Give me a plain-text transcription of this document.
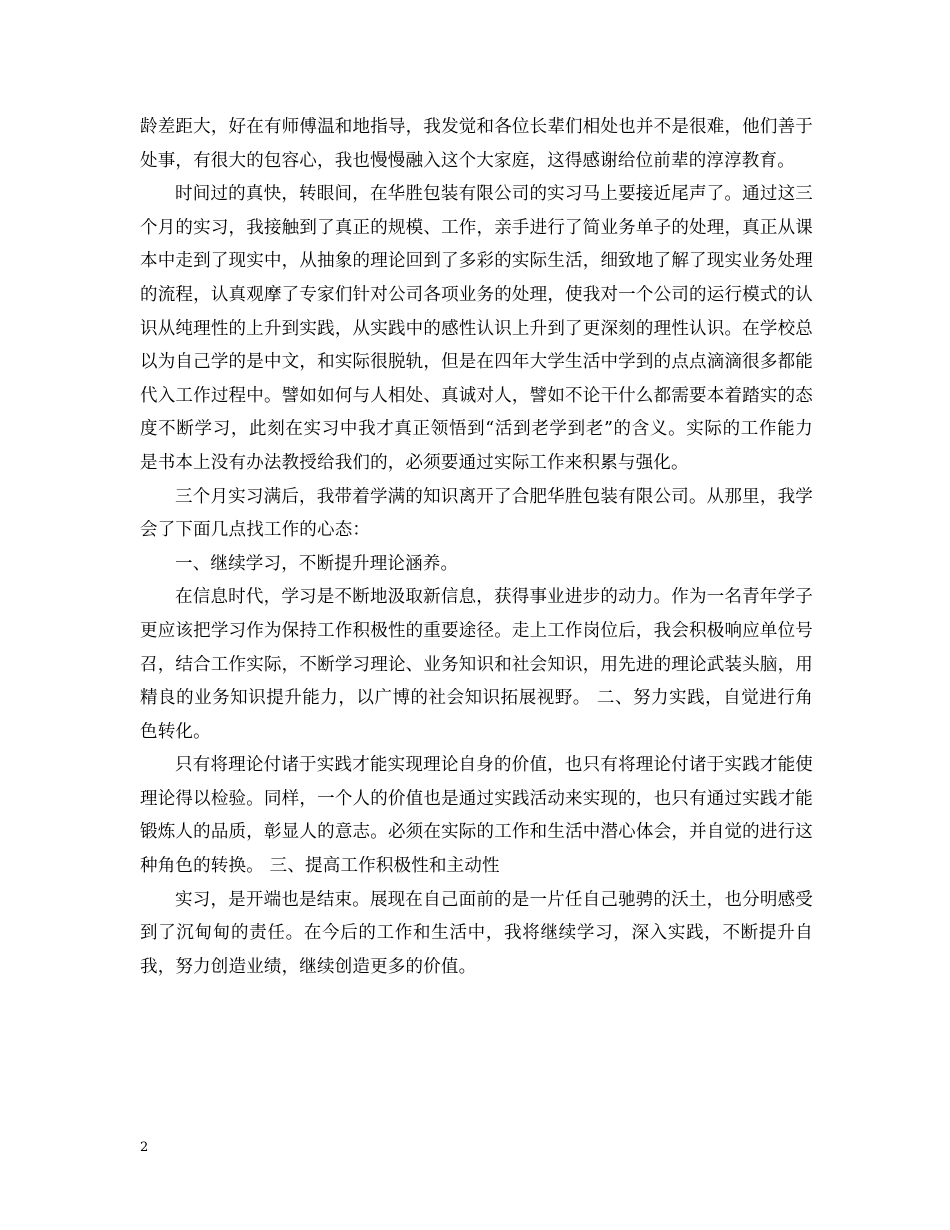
龄差距大，好在有师傅温和地指导，我发觉和各位长辈们相处也并不是很难，他们善于处事，有很大的包容心，我也慢慢融入这个大家庭，这得感谢给位前辈的淳淳教育。

时间过的真快，转眼间，在华胜包装有限公司的实习马上要接近尾声了。通过这三个月的实习，我接触到了真正的规模、工作，亲手进行了简业务单子的处理，真正从课本中走到了现实中，从抽象的理论回到了多彩的实际生活，细致地了解了现实业务处理的流程，认真观摩了专家们针对公司各项业务的处理，使我对一个公司的运行模式的认识从纯理性的上升到实践，从实践中的感性认识上升到了更深刻的理性认识。在学校总以为自己学的是中文，和实际很脱轨，但是在四年大学生活中学到的点点滴滴很多都能代入工作过程中。譬如如何与人相处、真诚对人，譬如不论干什么都需要本着踏实的态度不断学习，此刻在实习中我才真正领悟到“活到老学到老”的含义。实际的工作能力是书本上没有办法教授给我们的，必须要通过实际工作来积累与强化。

三个月实习满后，我带着学满的知识离开了合肥华胜包装有限公司。从那里，我学会了下面几点找工作的心态：

一、继续学习，不断提升理论涵养。

在信息时代，学习是不断地汲取新信息，获得事业进步的动力。作为一名青年学子更应该把学习作为保持工作积极性的重要途径。走上工作岗位后，我会积极响应单位号召，结合工作实际，不断学习理论、业务知识和社会知识，用先进的理论武装头脑，用精良的业务知识提升能力，以广博的社会知识拓展视野。 二、努力实践，自觉进行角色转化。

只有将理论付诸于实践才能实现理论自身的价值，也只有将理论付诸于实践才能使理论得以检验。同样，一个人的价值也是通过实践活动来实现的，也只有通过实践才能锻炼人的品质，彰显人的意志。必须在实际的工作和生活中潜心体会，并自觉的进行这种角色的转换。 三、提高工作积极性和主动性

实习，是开端也是结束。展现在自己面前的是一片任自己驰骋的沃土，也分明感受到了沉甸甸的责任。在今后的工作和生活中，我将继续学习，深入实践，不断提升自我，努力创造业绩，继续创造更多的价值。

2
